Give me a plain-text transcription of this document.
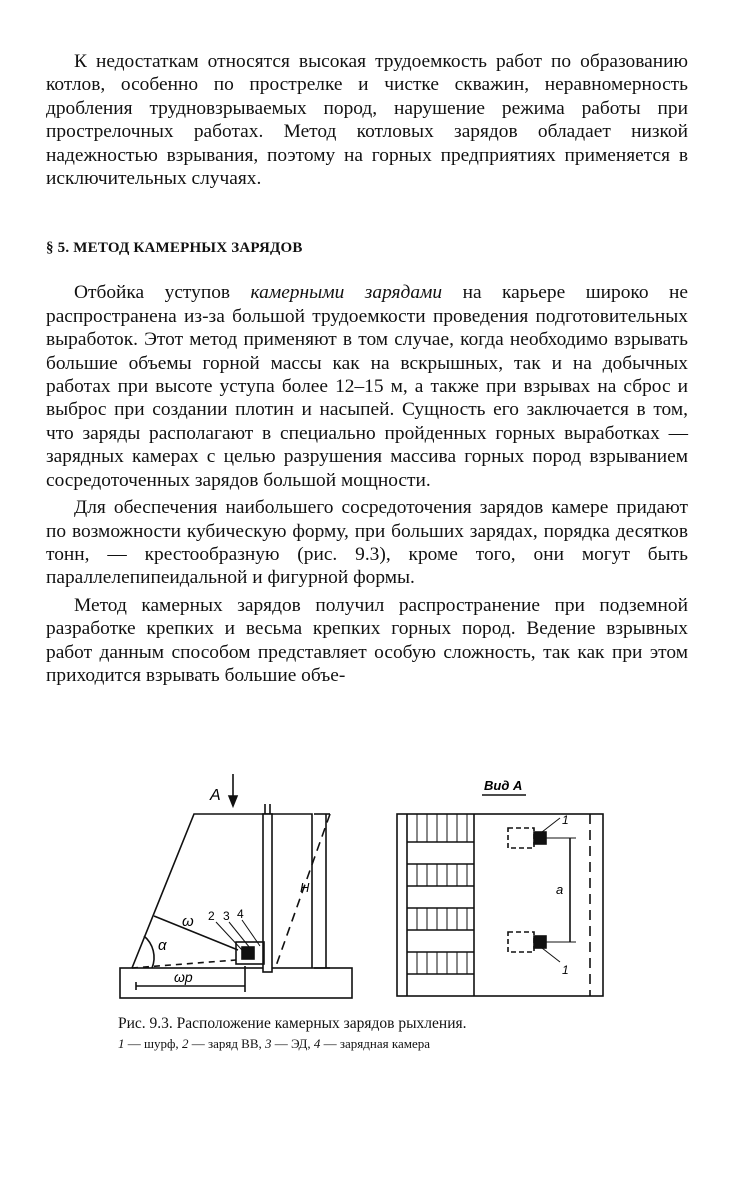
К недостаткам относятся высокая трудоемкость работ по образованию котлов, особенно по прострелке и чистке скважин, неравномерность дробления трудновзрываемых пород, нарушение режима работы при прострелочных работах. Метод котловых зарядов обладает низкой надежностью взрывания, поэтому на горных предприятиях применяется в исключительных случаях.

§ 5. МЕТОД КАМЕРНЫХ ЗАРЯДОВ

Отбойка уступов камерными зарядами на карьере широко не распространена из-за большой трудоемкости проведения подготовительных выработок. Этот метод применяют в том случае, когда необходимо взрывать большие объемы горной массы как на вскрышных, так и на добычных работах при высоте уступа более 12–15 м, а также при взрывах на сброс и выброс при создании плотин и насыпей. Сущность его заключается в том, что заряды располагают в специально пройденных горных выработках — зарядных камерах с целью разрушения массива горных пород взрыванием сосредоточенных зарядов большой мощности.

Для обеспечения наибольшего сосредоточения зарядов камере придают по возможности кубическую форму, при больших зарядах, порядка десятков тонн, — крестообразную (рис. 9.3), кроме того, они могут быть параллелепипеидальной и фигурной формы.

Метод камерных зарядов получил распространение при подземной разработке крепких и весьма крепких горных пород. Ведение взрывных работ данным способом представляет особую сложность, так как при этом приходится взрывать большие объе-

A
ω
α
H
ωр
2 3 4
Вид А
a
1
1
Рис. 9.3. Расположение камерных зарядов рыхления.
1 — шурф, 2 — заряд ВВ, 3 — ЭД, 4 — зарядная камера
